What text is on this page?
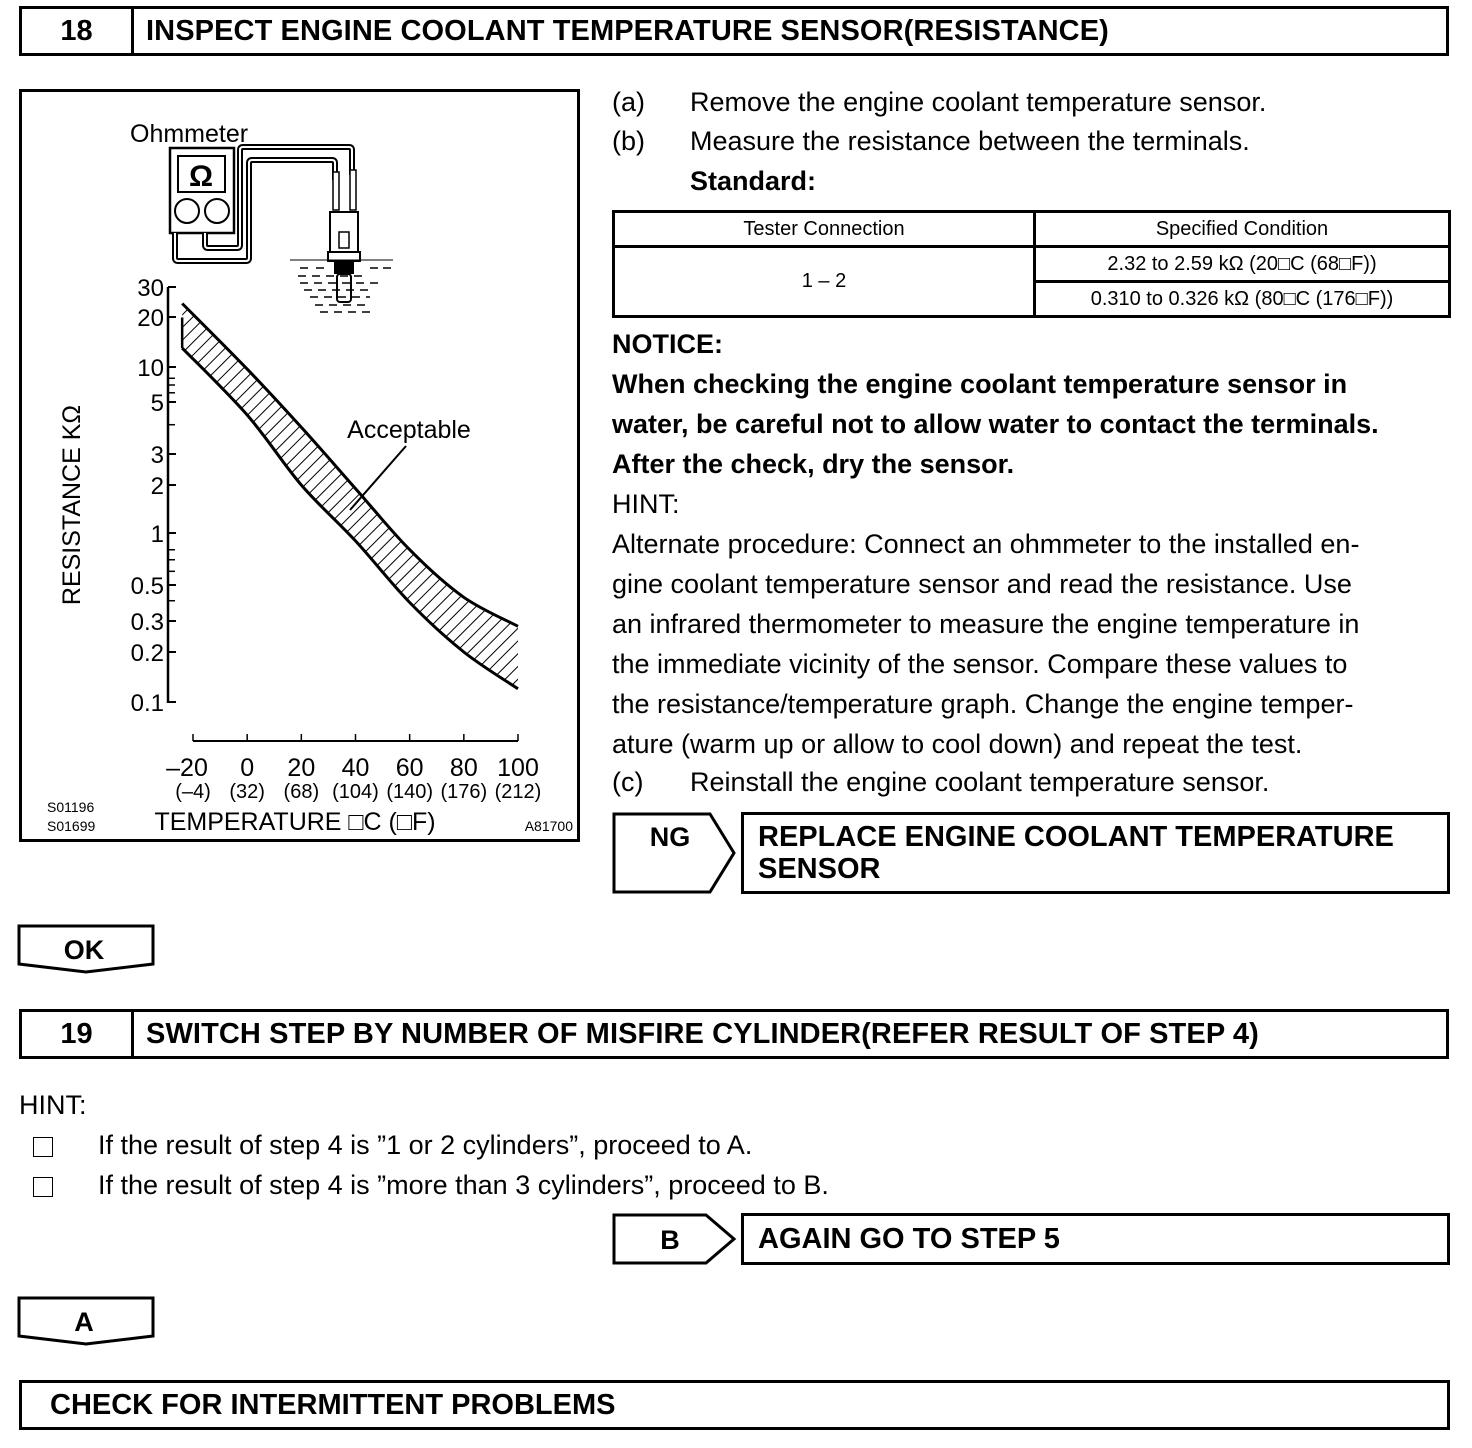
18	INSPECT ENGINE COOLANT TEMPERATURE SENSOR(RESISTANCE)
Ohmmeter
Ω
30
20
10
5
3
2
1
0.5
0.3
0.2
0.1
–20
(–4)
0
(32)
20
(68)
40
(104)
60
(140)
80
(176)
100
(212)
Acceptable
RESISTANCE KΩ
TEMPERATURE □C (□F)
S01196
S01699	A81700
(a) Remove the engine coolant temperature sensor.
(b) Measure the resistance between the terminals.
Standard:
Tester Connection	Specified Condition
1 – 2	2.32 to 2.59 kΩ (20□C (68□F))
	0.310 to 0.326 kΩ (80□C (176□F))
NOTICE:
When checking the engine coolant temperature sensor in
water, be careful not to allow water to contact the terminals.
After the check, dry the sensor.
HINT:
Alternate procedure: Connect an ohmmeter to the installed en-
gine coolant temperature sensor and read the resistance. Use
an infrared thermometer to measure the engine temperature in
the immediate vicinity of the sensor. Compare these values to
the resistance/temperature graph. Change the engine temper-
ature (warm up or allow to cool down) and repeat the test.
(c) Reinstall the engine coolant temperature sensor.
NG REPLACE ENGINE COOLANT TEMPERATURE
SENSOR
OK
19	SWITCH STEP BY NUMBER OF MISFIRE CYLINDER(REFER RESULT OF STEP 4)
HINT:
If the result of step 4 is ”1 or 2 cylinders”, proceed to A.
If the result of step 4 is ”more than 3 cylinders”, proceed to B.
B	AGAIN GO TO STEP 5
A
CHECK FOR INTERMITTENT PROBLEMS
